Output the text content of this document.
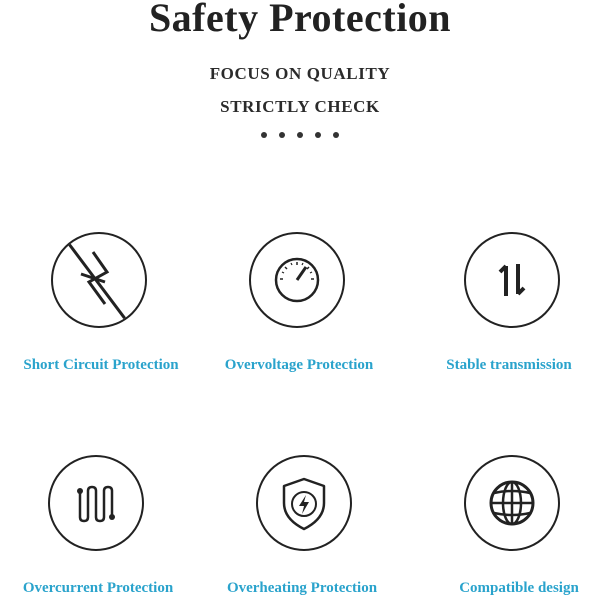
Safety Protection
FOCUS ON QUALITY
STRICTLY CHECK
Short Circuit Protection	Overvoltage Protection	Stable transmission
Overcurrent Protection	Overheating Protection	Compatible design
